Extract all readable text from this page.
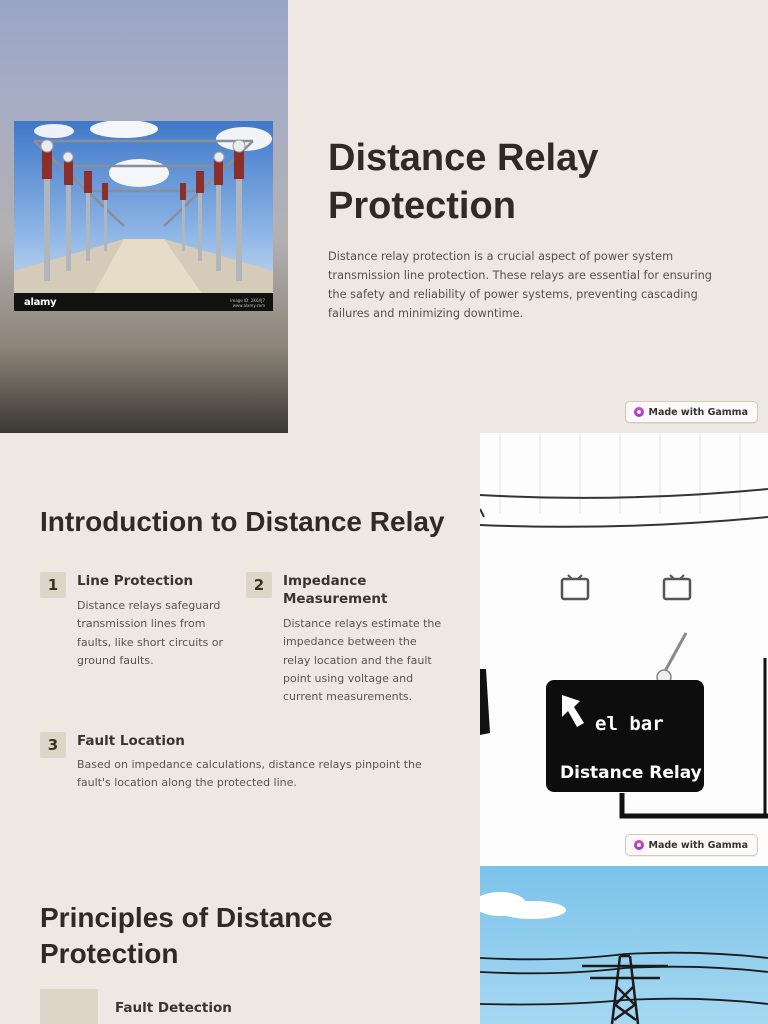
alamy	Image ID: 2K6XJ7
www.alamy.com
Distance Relay Protection

Distance relay protection is a crucial aspect of power system transmission line protection. These relays are essential for ensuring the safety and reliability of power systems, preventing cascading failures and minimizing downtime.

Made with Gamma
Introduction to Distance Relay
1	Line Protection
Distance relays safeguard transmission lines from faults, like short circuits or ground faults.
2	Impedance Measurement
Distance relays estimate the impedance between the relay location and the fault point using voltage and current measurements.
3	Fault Location
Based on impedance calculations, distance relays pinpoint the fault's location along the protected line.
el bar
Distance Relay
Made with Gamma
Principles of Distance Protection
Fault Detection
